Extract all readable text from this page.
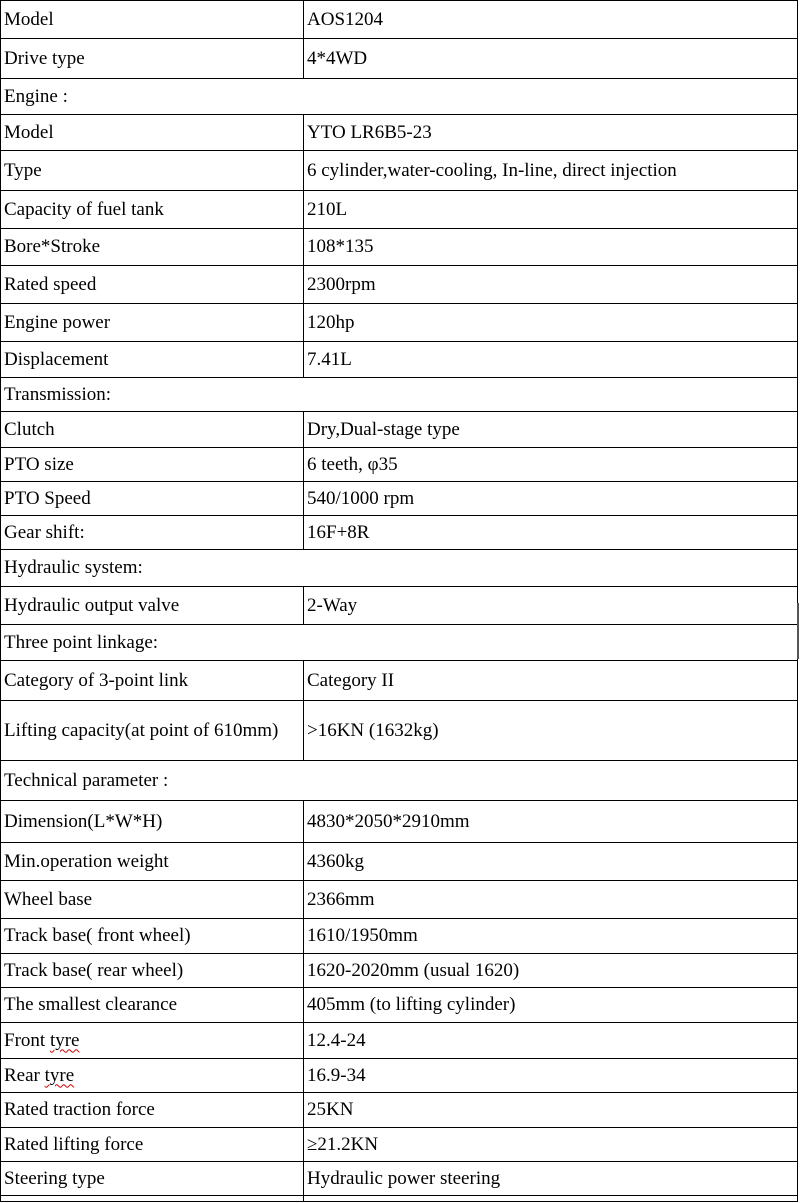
Model	AOS1204
Drive type	4*4WD
Engine :	
Model	YTO LR6B5-23
Type	6 cylinder,water-cooling, In-line, direct injection
Capacity of fuel tank	210L
Bore*Stroke	108*135
Rated speed	2300rpm
Engine power	120hp
Displacement	7.41L
Transmission:	
Clutch	Dry,Dual-stage type
PTO size	6 teeth, φ35
PTO Speed	540/1000 rpm
Gear shift:	16F+8R
Hydraulic system:	
Hydraulic output valve	2-Way
Three point linkage:	
Category of 3-point link	Category II
Lifting capacity(at point of 610mm)	>16KN (1632kg)
Technical parameter :	
Dimension(L*W*H)	4830*2050*2910mm
Min.operation weight	4360kg
Wheel base	2366mm
Track base( front wheel)	1610/1950mm
Track base( rear wheel)	1620-2020mm (usual 1620)
The smallest clearance	405mm (to lifting cylinder)
Front tyre	12.4-24
Rear tyre	16.9-34
Rated traction force	25KN
Rated lifting force	≥21.2KN
Steering type	Hydraulic power steering
